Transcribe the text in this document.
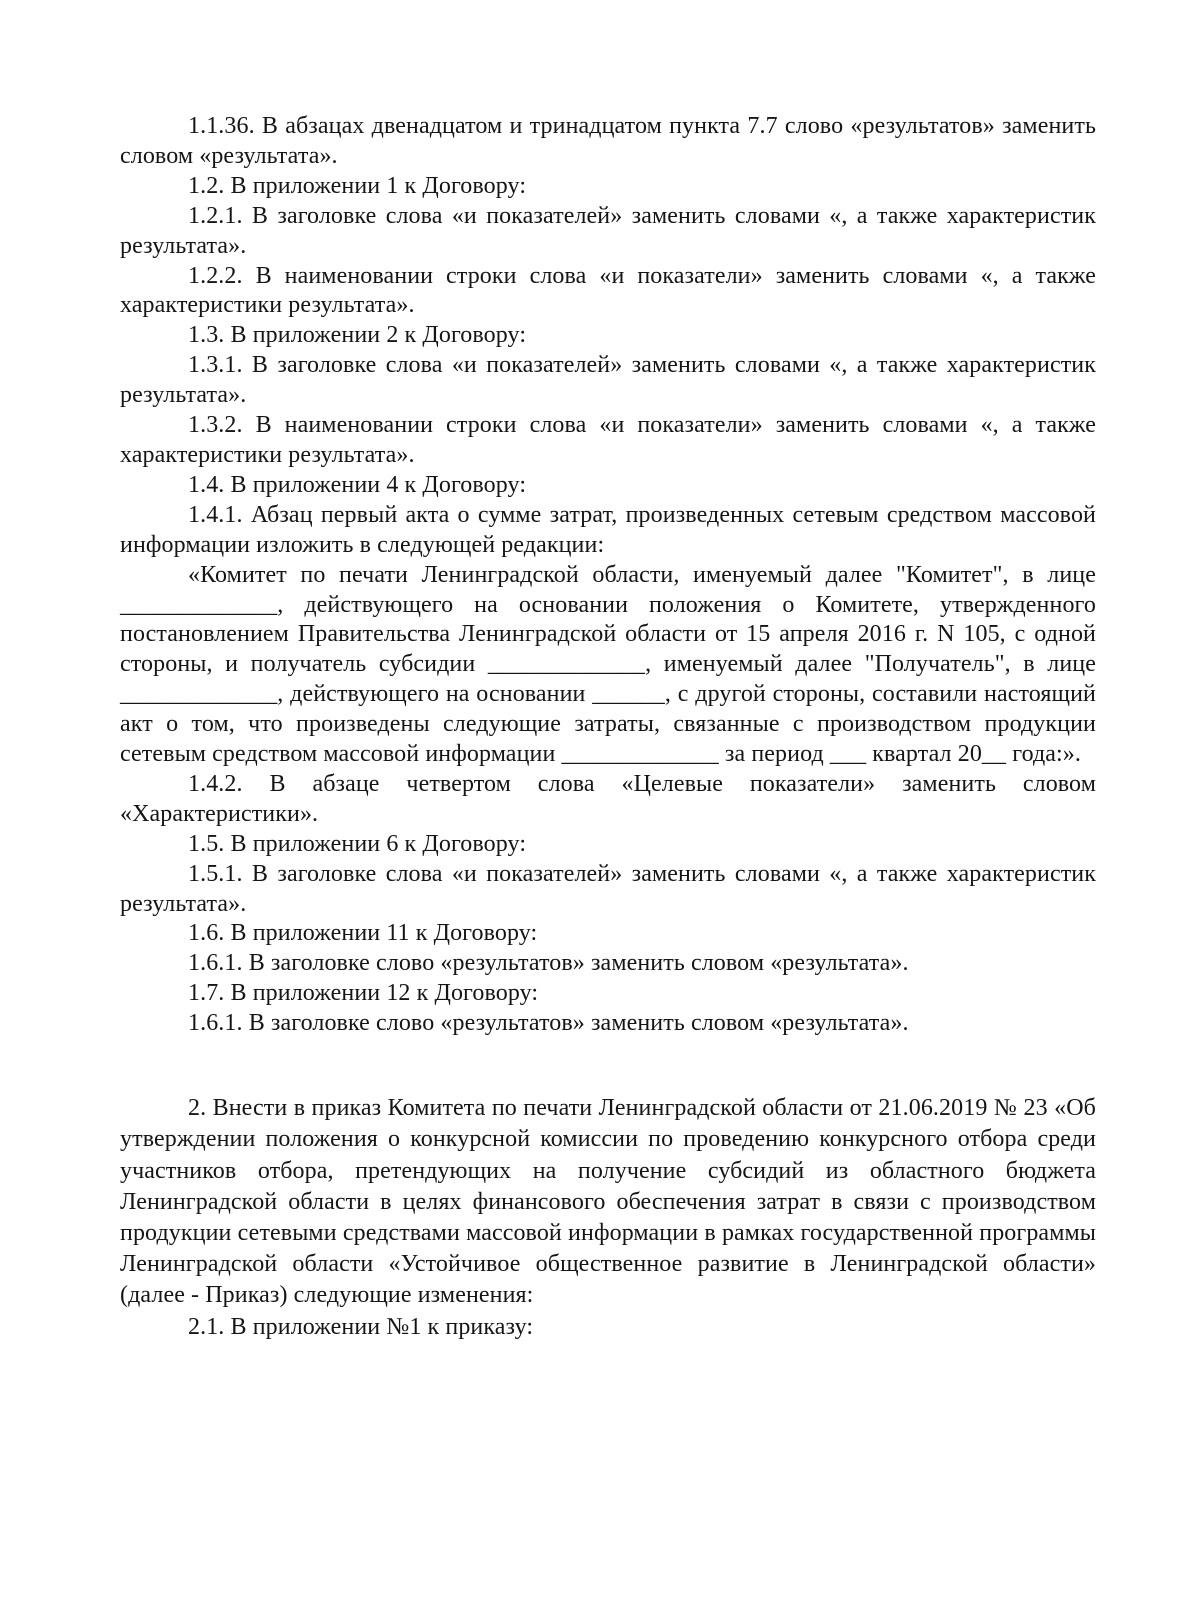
1.1.36. В абзацах двенадцатом и тринадцатом пункта 7.7 слово «результатов» заменить словом «результата».

1.2. В приложении 1 к Договору:

1.2.1. В заголовке слова «и показателей» заменить словами «, а также характеристик результата».

1.2.2. В наименовании строки слова «и показатели» заменить словами «, а также характеристики результата».

1.3. В приложении 2 к Договору:

1.3.1. В заголовке слова «и показателей» заменить словами «, а также характеристик результата».

1.3.2. В наименовании строки слова «и показатели» заменить словами «, а также характеристики результата».

1.4. В приложении 4 к Договору:

1.4.1. Абзац первый акта о сумме затрат, произведенных сетевым средством массовой информации изложить в следующей редакции:

«Комитет по печати Ленинградской области, именуемый далее "Комитет", в лице _____________, действующего на основании положения о Комитете, утвержденного постановлением Правительства Ленинградской области от 15 апреля 2016 г. N 105, с одной стороны, и получатель субсидии _____________, именуемый далее "Получатель", в лице _____________, действующего на основании ______, с другой стороны, составили настоящий акт о том, что произведены следующие затраты, связанные с производством продукции сетевым средством массовой информации _____________ за период ___ квартал 20__ года:».

1.4.2. В абзаце четвертом слова «Целевые показатели» заменить словом «Характеристики».

1.5. В приложении 6 к Договору:

1.5.1. В заголовке слова «и показателей» заменить словами «, а также характеристик результата».

1.6. В приложении 11 к Договору:

1.6.1. В заголовке слово «результатов» заменить словом «результата».

1.7. В приложении 12 к Договору:

1.6.1. В заголовке слово «результатов» заменить словом «результата».

2. Внести в приказ Комитета по печати Ленинградской области от 21.06.2019 № 23 «Об утверждении положения о конкурсной комиссии по проведению конкурсного отбора среди участников отбора, претендующих на получение субсидий из областного бюджета Ленинградской области в целях финансового обеспечения затрат в связи с производством продукции сетевыми средствами массовой информации в рамках государственной программы Ленинградской области «Устойчивое общественное развитие в Ленинградской области» (далее - Приказ) следующие изменения:

2.1. В приложении №1 к приказу:
